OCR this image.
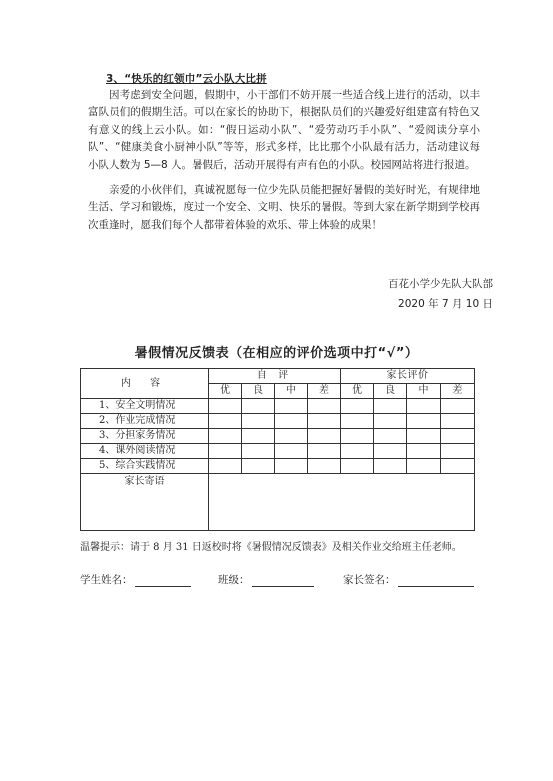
3、“快乐的红领巾”云小队大比拼

因考虑到安全问题，假期中，小干部们不妨开展一些适合线上进行的活动，以丰富队员们的假期生活。可以在家长的协助下，根据队员们的兴趣爱好组建富有特色又有意义的线上云小队。如：“假日运动小队”、“爱劳动巧手小队”、“爱阅读分享小队”、“健康美食小厨神小队”等等，形式多样，比比那个小队最有活力，活动建议每小队人数为 5—8 人。暑假后，活动开展得有声有色的小队。校园网站将进行报道。

亲爱的小伙伴们，真诚祝愿每一位少先队员能把握好暑假的美好时光，有规律地生活、学习和锻炼，度过一个安全、文明、快乐的暑假。等到大家在新学期到学校再次重逢时，愿我们每个人都带着体验的欢乐、带上体验的成果！

百花小学少先队大队部
2020 年 7 月 10 日
暑假情况反馈表（在相应的评价选项中打“√”）
内 容	自 评				家长评价			
	优	良	中	差	优	良	中	差
1、安全文明情况								
2、作业完成情况								
3、分担家务情况								
4、课外阅读情况								
5、综合实践情况								
家长寄语								
温馨提示：请于 8 月 31 日返校时将《暑假情况反馈表》及相关作业交给班主任老师。
学生姓名：	班级：	家长签名：
